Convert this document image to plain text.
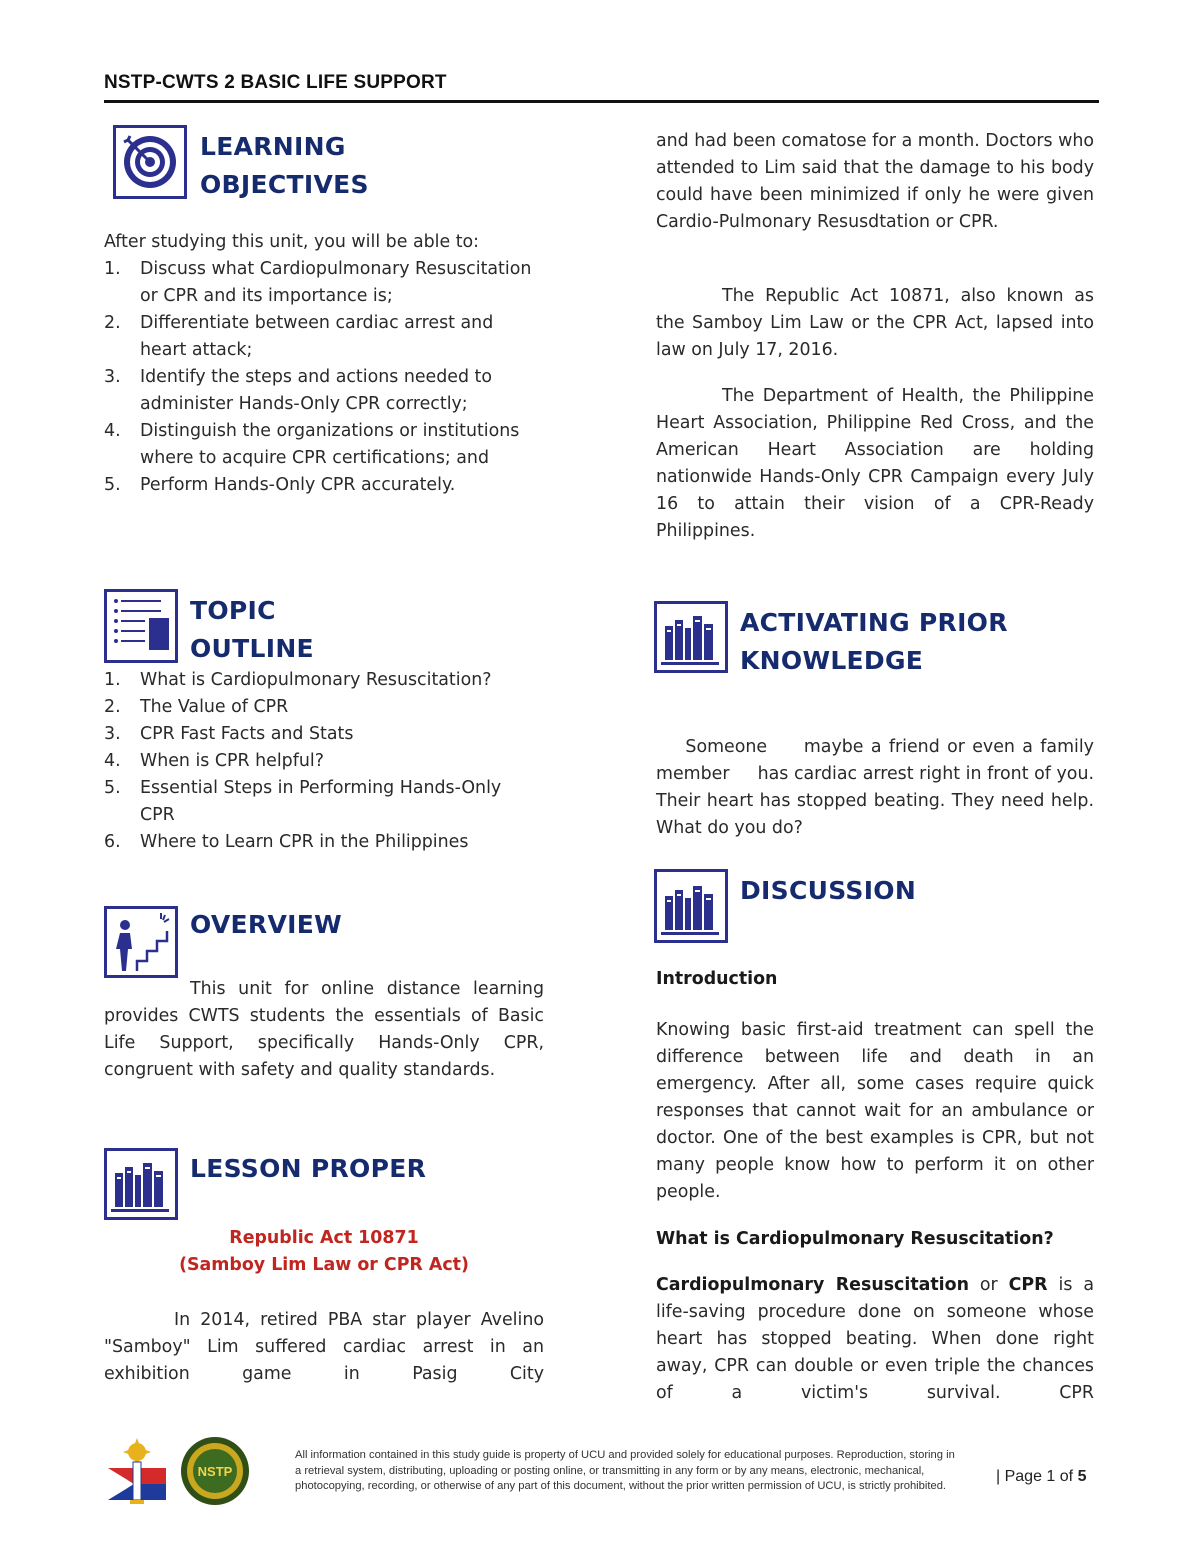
NSTP-CWTS 2 BASIC LIFE SUPPORT
LEARNING
OBJECTIVES
After studying this unit, you will be able to:
Discuss what Cardiopulmonary Resuscitation or CPR and its importance is;
Differentiate between cardiac arrest and heart attack;
Identify the steps and actions needed to administer Hands-Only CPR correctly;
Distinguish the organizations or institutions where to acquire CPR certifications; and
Perform Hands-Only CPR accurately.
TOPIC
OUTLINE
What is Cardiopulmonary Resuscitation?
The Value of CPR
CPR Fast Facts and Stats
When is CPR helpful?
Essential Steps in Performing Hands-Only CPR
Where to Learn CPR in the Philippines
OVERVIEW
This unit for online distance learning provides CWTS students the essentials of Basic Life Support, specifically Hands-Only CPR, congruent with safety and quality standards.
LESSON PROPER
Republic Act 10871
(Samboy Lim Law or CPR Act)
In 2014, retired PBA star player Avelino "Samboy" Lim suffered cardiac arrest in an exhibition game in Pasig City
and had been comatose for a month. Doctors who attended to Lim said that the damage to his body could have been minimized if only he were given Cardio-Pulmonary Resusdtation or CPR.
The Republic Act 10871, also known as the Samboy Lim Law or the CPR Act, lapsed into law on July 17, 2016.
The Department of Health, the Philippine Heart Association, Philippine Red Cross, and the American Heart Association are holding nationwide Hands-Only CPR Campaign every July 16 to attain their vision of a CPR-Ready Philippines.
ACTIVATING PRIOR
KNOWLEDGE

Someone     maybe a friend or even a family member     has cardiac arrest right in front of you. Their heart has stopped beating. They need help. What do you do?

DISCUSSION
Introduction
Knowing basic first-aid treatment can spell the difference between life and death in an emergency. After all, some cases require quick responses that cannot wait for an ambulance or doctor. One of the best examples is CPR, but not many people know how to perform it on other people.
What is Cardiopulmonary Resuscitation?
Cardiopulmonary Resuscitation or CPR is a life-saving procedure done on someone whose heart has stopped beating. When done right away, CPR can double or even triple the chances of a victim's survival. CPR
NSTP
All information contained in this study guide is property of UCU and provided solely for educational purposes. Reproduction, storing in a retrieval system, distributing, uploading or posting online, or transmitting in any form or by any means, electronic, mechanical, photocopying, recording, or otherwise of any part of this document, without the prior written permission of UCU, is strictly prohibited.
| Page 1 of 5
